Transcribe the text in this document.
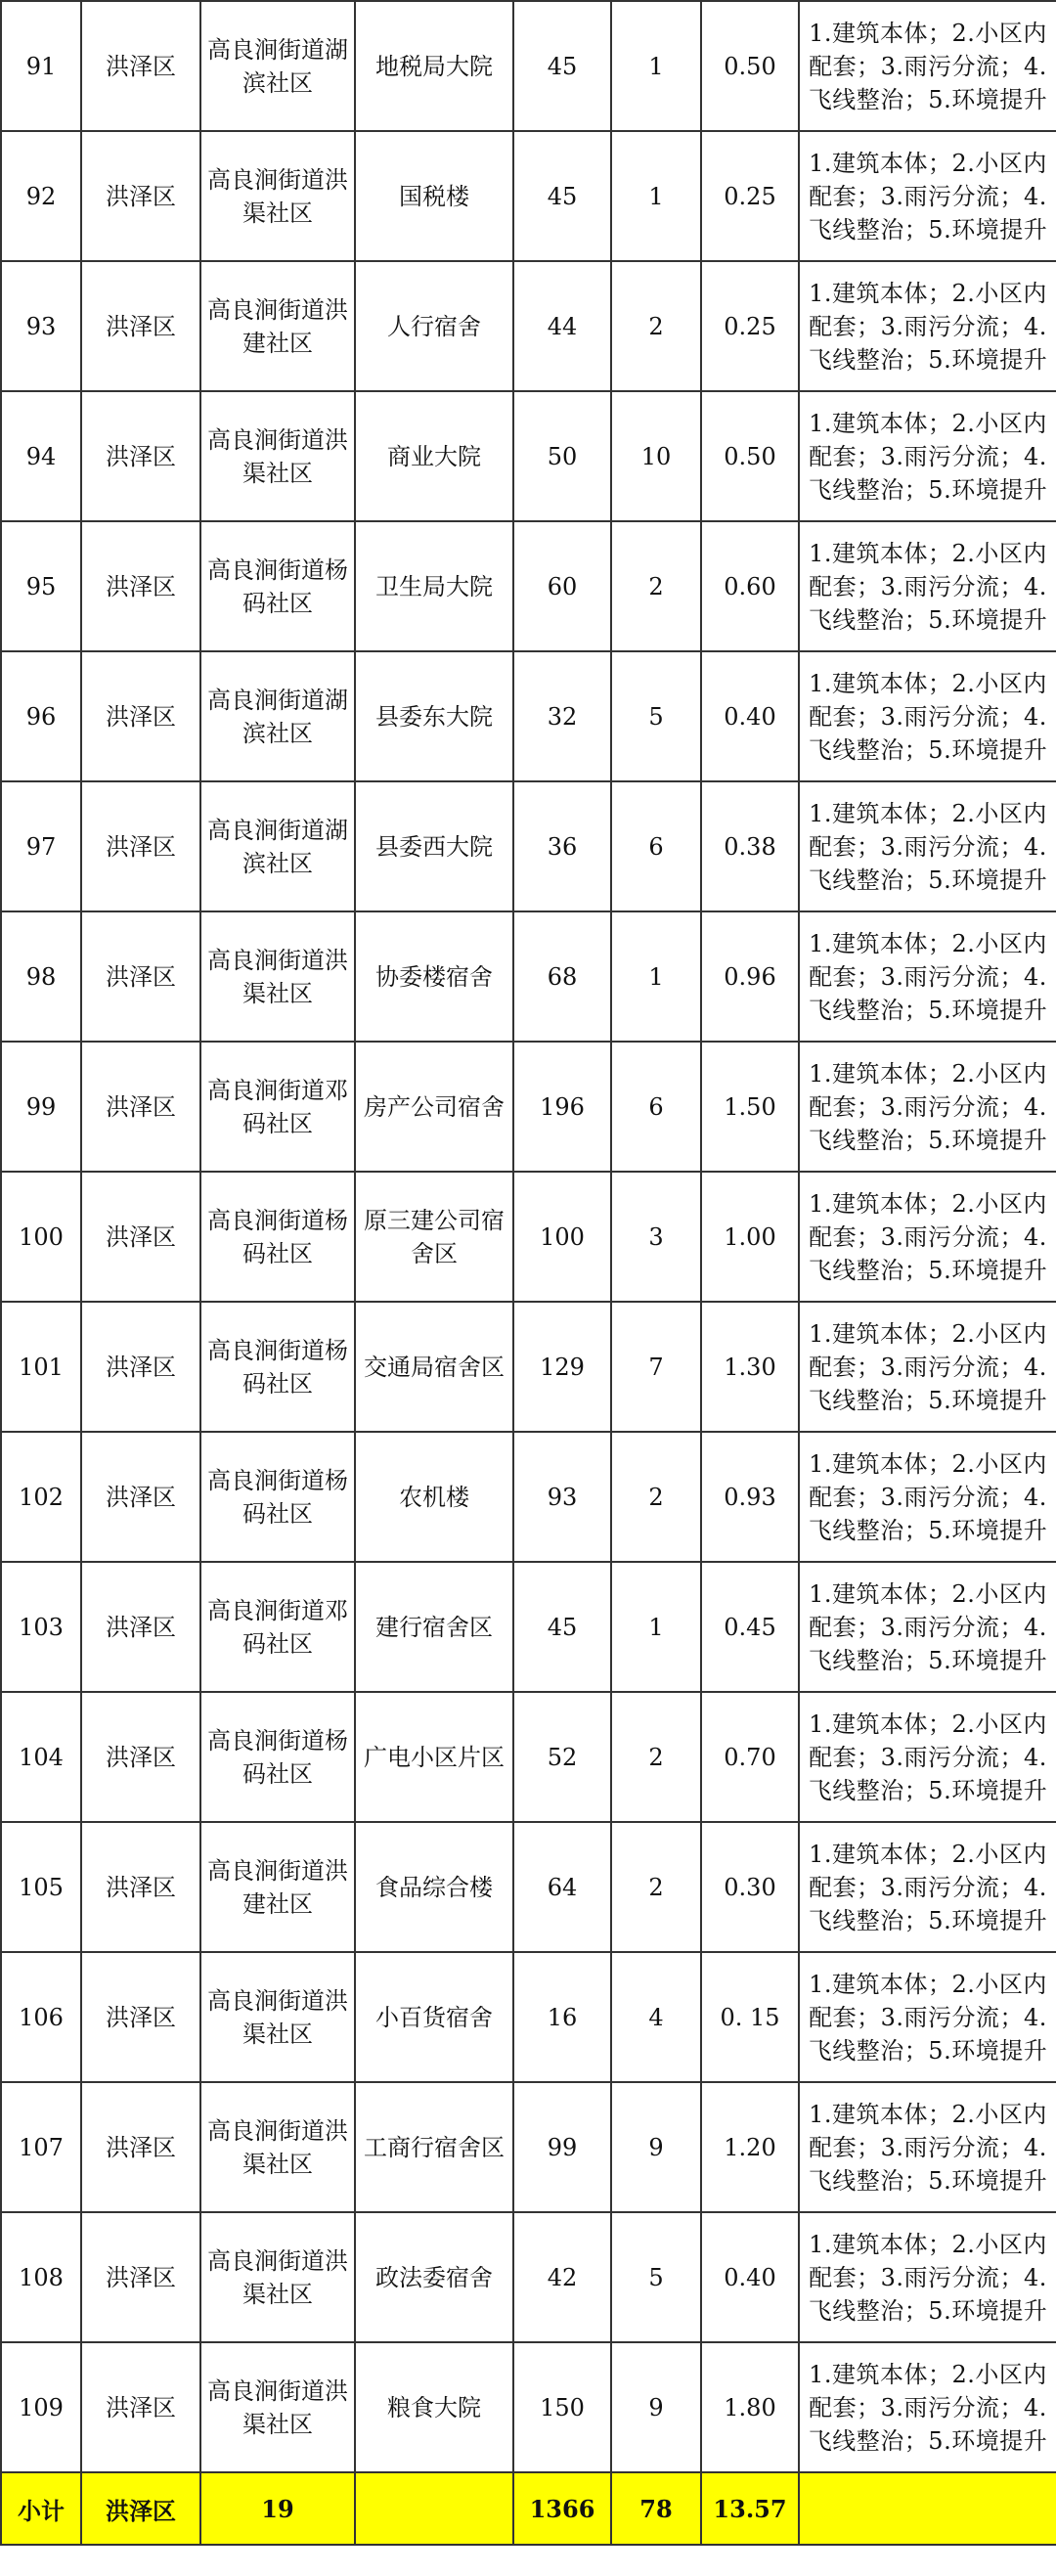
91	洪泽区	高良涧街道湖滨社区	地税局大院	45	1	0.50	1.建筑本体；2.小区内配套；3.雨污分流；4.飞线整治；5.环境提升
92	洪泽区	高良涧街道洪渠社区	国税楼	45	1	0.25	1.建筑本体；2.小区内配套；3.雨污分流；4.飞线整治；5.环境提升
93	洪泽区	高良涧街道洪建社区	人行宿舍	44	2	0.25	1.建筑本体；2.小区内配套；3.雨污分流；4.飞线整治；5.环境提升
94	洪泽区	高良涧街道洪渠社区	商业大院	50	10	0.50	1.建筑本体；2.小区内配套；3.雨污分流；4.飞线整治；5.环境提升
95	洪泽区	高良涧街道杨码社区	卫生局大院	60	2	0.60	1.建筑本体；2.小区内配套；3.雨污分流；4.飞线整治；5.环境提升
96	洪泽区	高良涧街道湖滨社区	县委东大院	32	5	0.40	1.建筑本体；2.小区内配套；3.雨污分流；4.飞线整治；5.环境提升
97	洪泽区	高良涧街道湖滨社区	县委西大院	36	6	0.38	1.建筑本体；2.小区内配套；3.雨污分流；4.飞线整治；5.环境提升
98	洪泽区	高良涧街道洪渠社区	协委楼宿舍	68	1	0.96	1.建筑本体；2.小区内配套；3.雨污分流；4.飞线整治；5.环境提升
99	洪泽区	高良涧街道邓码社区	房产公司宿舍	196	6	1.50	1.建筑本体；2.小区内配套；3.雨污分流；4.飞线整治；5.环境提升
100	洪泽区	高良涧街道杨码社区	原三建公司宿舍区	100	3	1.00	1.建筑本体；2.小区内配套；3.雨污分流；4.飞线整治；5.环境提升
101	洪泽区	高良涧街道杨码社区	交通局宿舍区	129	7	1.30	1.建筑本体；2.小区内配套；3.雨污分流；4.飞线整治；5.环境提升
102	洪泽区	高良涧街道杨码社区	农机楼	93	2	0.93	1.建筑本体；2.小区内配套；3.雨污分流；4.飞线整治；5.环境提升
103	洪泽区	高良涧街道邓码社区	建行宿舍区	45	1	0.45	1.建筑本体；2.小区内配套；3.雨污分流；4.飞线整治；5.环境提升
104	洪泽区	高良涧街道杨码社区	广电小区片区	52	2	0.70	1.建筑本体；2.小区内配套；3.雨污分流；4.飞线整治；5.环境提升
105	洪泽区	高良涧街道洪建社区	食品综合楼	64	2	0.30	1.建筑本体；2.小区内配套；3.雨污分流；4.飞线整治；5.环境提升
106	洪泽区	高良涧街道洪渠社区	小百货宿舍	16	4	0. 15	1.建筑本体；2.小区内配套；3.雨污分流；4.飞线整治；5.环境提升
107	洪泽区	高良涧街道洪渠社区	工商行宿舍区	99	9	1.20	1.建筑本体；2.小区内配套；3.雨污分流；4.飞线整治；5.环境提升
108	洪泽区	高良涧街道洪渠社区	政法委宿舍	42	5	0.40	1.建筑本体；2.小区内配套；3.雨污分流；4.飞线整治；5.环境提升
109	洪泽区	高良涧街道洪渠社区	粮食大院	150	9	1.80	1.建筑本体；2.小区内配套；3.雨污分流；4.飞线整治；5.环境提升
小计	洪泽区	19		1366	78	13.57	
